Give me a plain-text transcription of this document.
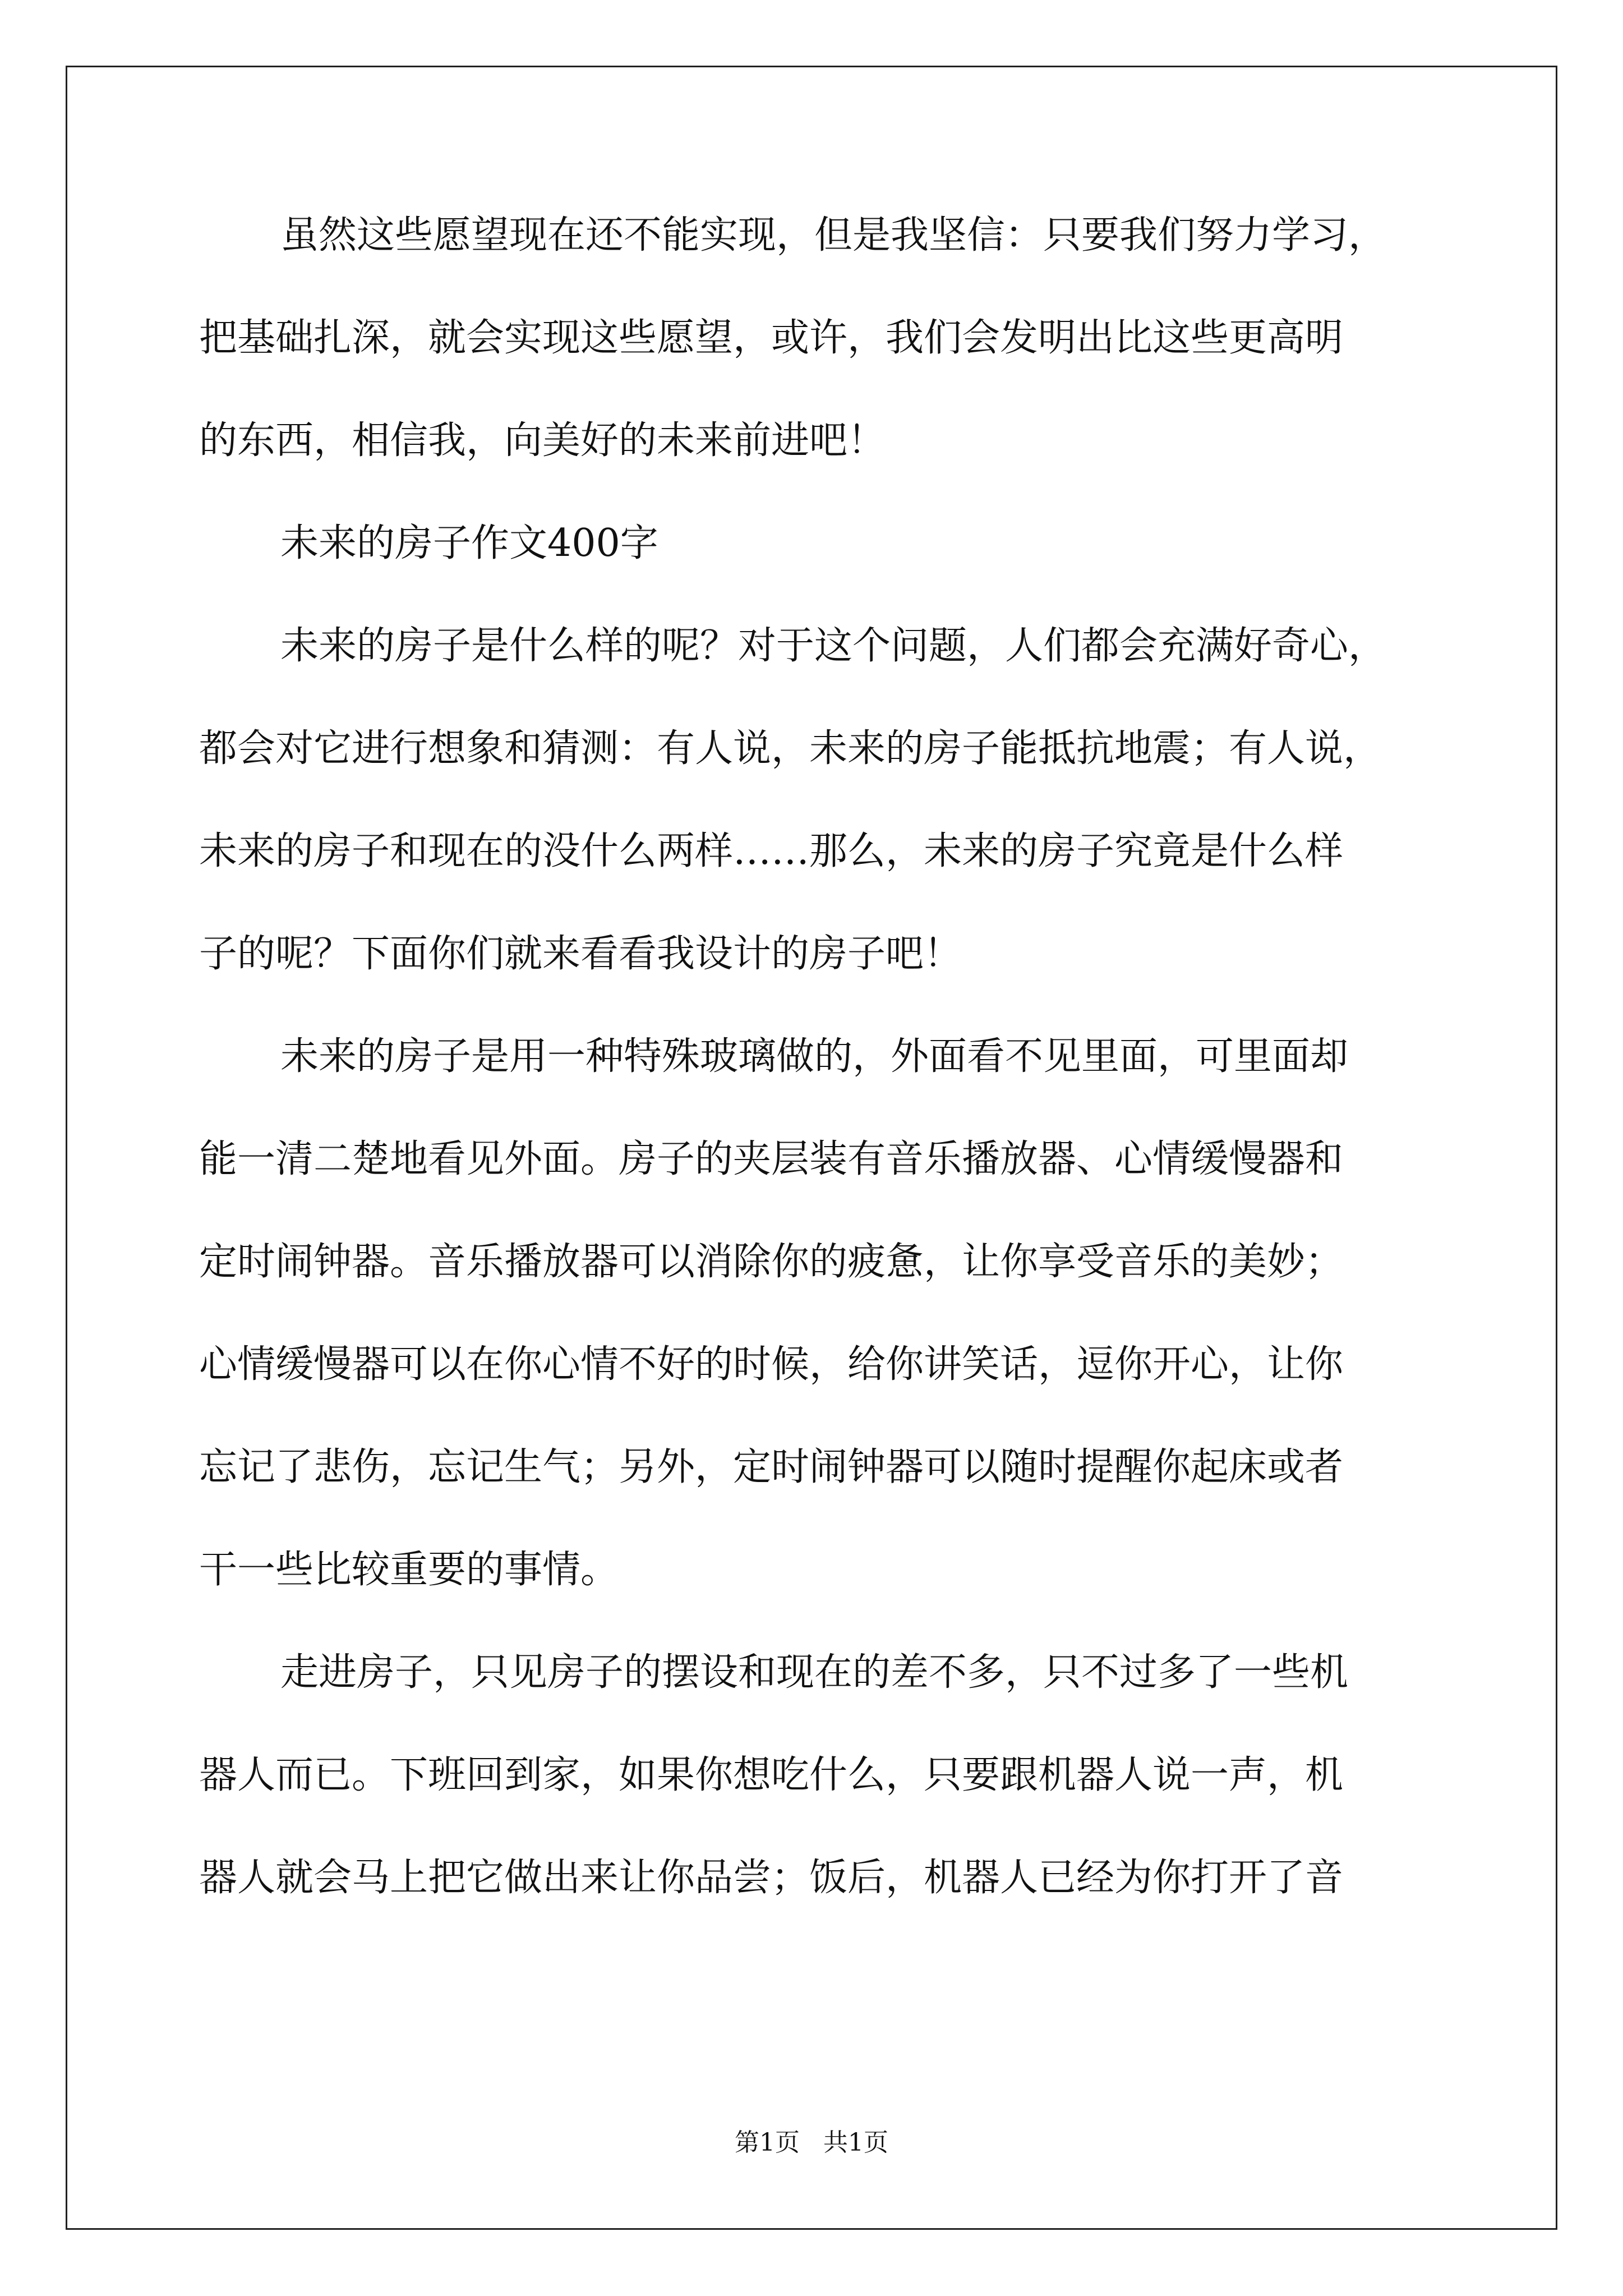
虽然这些愿望现在还不能实现，但是我坚信：只要我们努力学习，
把基础扎深，就会实现这些愿望，或许，我们会发明出比这些更高明
的东西，相信我，向美好的未来前进吧！
未来的房子作文400字
未来的房子是什么样的呢？对于这个问题，人们都会充满好奇心，
都会对它进行想象和猜测：有人说，未来的房子能抵抗地震；有人说，
未来的房子和现在的没什么两样……那么，未来的房子究竟是什么样
子的呢？下面你们就来看看我设计的房子吧！
未来的房子是用一种特殊玻璃做的，外面看不见里面，可里面却
能一清二楚地看见外面。房子的夹层装有音乐播放器、心情缓慢器和
定时闹钟器。音乐播放器可以消除你的疲惫，让你享受音乐的美妙；
心情缓慢器可以在你心情不好的时候，给你讲笑话，逗你开心，让你
忘记了悲伤，忘记生气；另外，定时闹钟器可以随时提醒你起床或者
干一些比较重要的事情。
走进房子，只见房子的摆设和现在的差不多，只不过多了一些机
器人而已。下班回到家，如果你想吃什么，只要跟机器人说一声，机
器人就会马上把它做出来让你品尝；饭后，机器人已经为你打开了音
第1页   共1页
